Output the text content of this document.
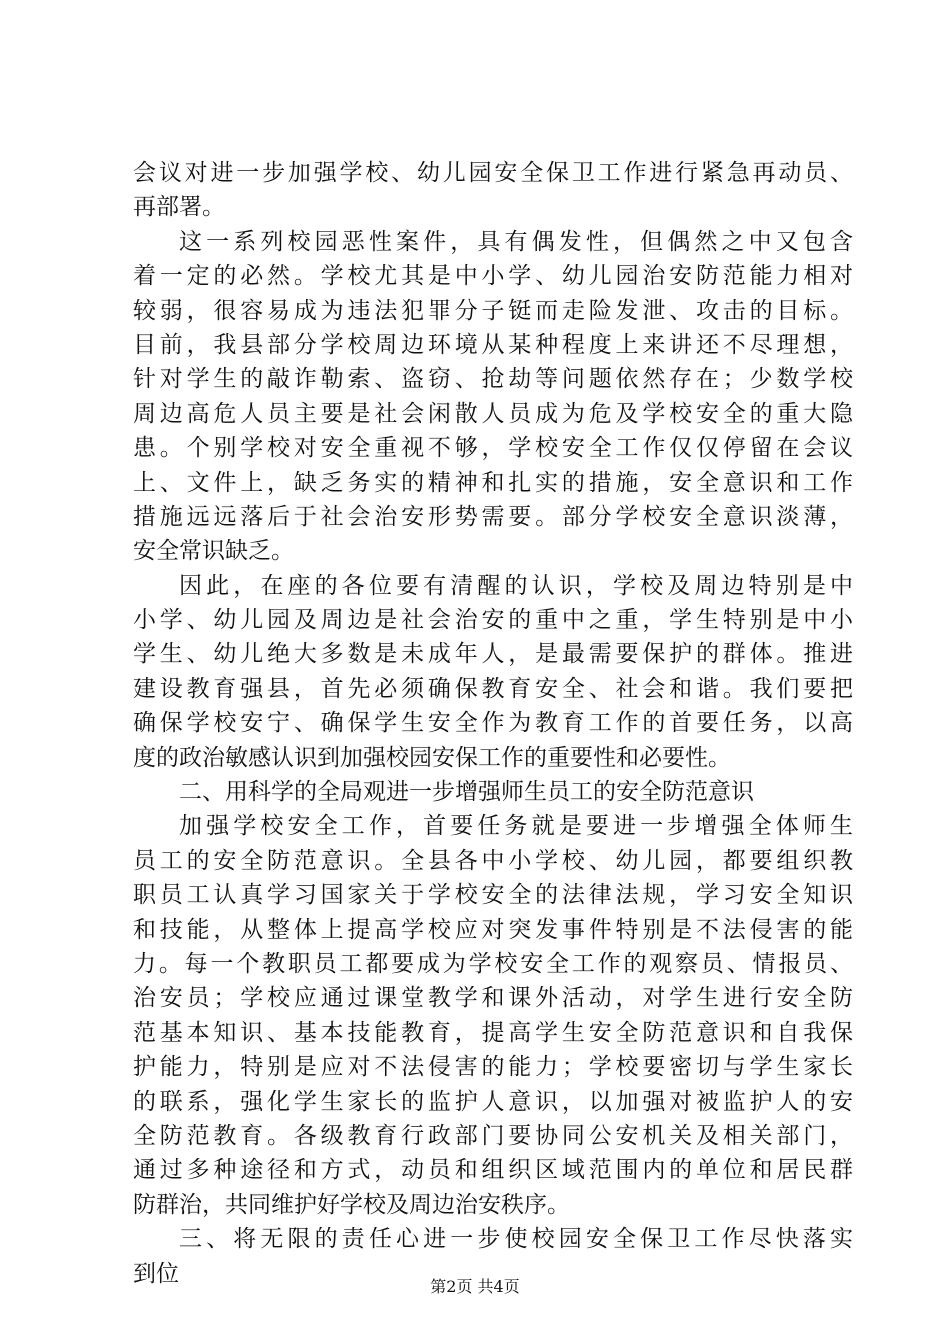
会议对进一步加强学校、幼儿园安全保卫工作进行紧急再动员、
再部署。
这一系列校园恶性案件，具有偶发性，但偶然之中又包含
着一定的必然。学校尤其是中小学、幼儿园治安防范能力相对
较弱，很容易成为违法犯罪分子铤而走险发泄、攻击的目标。
目前，我县部分学校周边环境从某种程度上来讲还不尽理想，
针对学生的敲诈勒索、盗窃、抢劫等问题依然存在；少数学校
周边高危人员主要是社会闲散人员成为危及学校安全的重大隐
患。个别学校对安全重视不够，学校安全工作仅仅停留在会议
上、文件上，缺乏务实的精神和扎实的措施，安全意识和工作
措施远远落后于社会治安形势需要。部分学校安全意识淡薄，
安全常识缺乏。
因此，在座的各位要有清醒的认识，学校及周边特别是中
小学、幼儿园及周边是社会治安的重中之重，学生特别是中小
学生、幼儿绝大多数是未成年人，是最需要保护的群体。推进
建设教育强县，首先必须确保教育安全、社会和谐。我们要把
确保学校安宁、确保学生安全作为教育工作的首要任务，以高
度的政治敏感认识到加强校园安保工作的重要性和必要性。
二、用科学的全局观进一步增强师生员工的安全防范意识
加强学校安全工作，首要任务就是要进一步增强全体师生
员工的安全防范意识。全县各中小学校、幼儿园，都要组织教
职员工认真学习国家关于学校安全的法律法规，学习安全知识
和技能，从整体上提高学校应对突发事件特别是不法侵害的能
力。每一个教职员工都要成为学校安全工作的观察员、情报员、
治安员；学校应通过课堂教学和课外活动，对学生进行安全防
范基本知识、基本技能教育，提高学生安全防范意识和自我保
护能力，特别是应对不法侵害的能力；学校要密切与学生家长
的联系，强化学生家长的监护人意识，以加强对被监护人的安
全防范教育。各级教育行政部门要协同公安机关及相关部门，
通过多种途径和方式，动员和组织区域范围内的单位和居民群
防群治，共同维护好学校及周边治安秩序。
三、将无限的责任心进一步使校园安全保卫工作尽快落实
到位	第2页 共4页
